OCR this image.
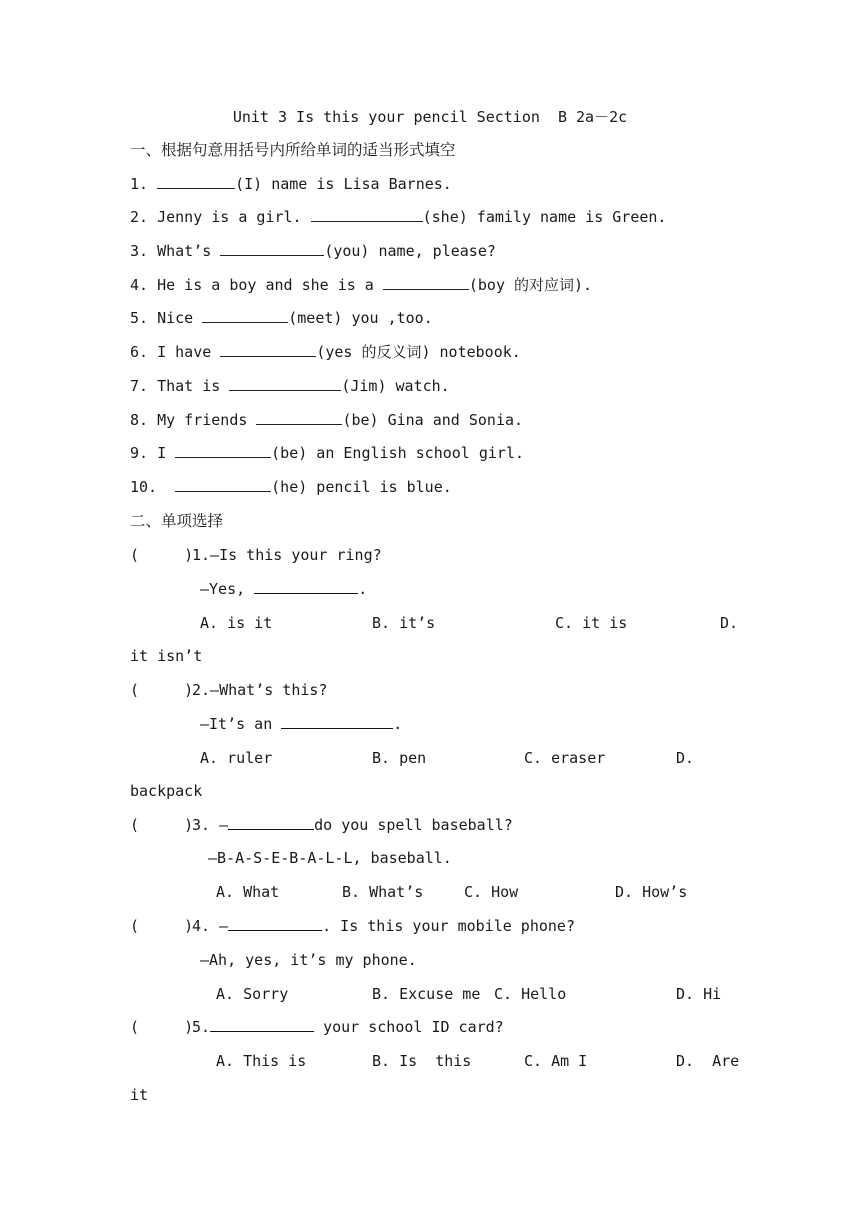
Unit 3 Is this your pencil Section  B 2a－2c
一、根据句意用括号内所给单词的适当形式填空
1.	(I) name is Lisa Barnes.
2. Jenny is a girl.	(she) family name is Green.
3. What’s	(you) name, please?
4. He is a boy and she is a	(boy 的对应词).
5. Nice	(meet) you ,too.
6. I have	(yes 的反义词) notebook.
7. That is	(Jim) watch.
8. My friends	(be) Gina and Sonia.
9. I	(be) an English school girl.
10.	(he) pencil is blue.
二、单项选择
(     )
1.—Is this your ring?
—Yes,	.
A. is it	B. it’s	C. it is	D.
it isn’t
(     )
2.—What’s this?
—It’s an	.
A. ruler	B. pen	C. eraser	D.
backpack
(     )
3. —	do you spell baseball?
—B-A-S-E-B-A-L-L, baseball.
A. What	B. What’s	C. How	D. How’s
(     )
4. —	. Is this your mobile phone?
—Ah, yes, it’s my phone.
A. Sorry	B. Excuse me C. Hello	D. Hi
(     )
5.	your school ID card?
A. This is	B. Is  this	C. Am I	D.  Are
it
